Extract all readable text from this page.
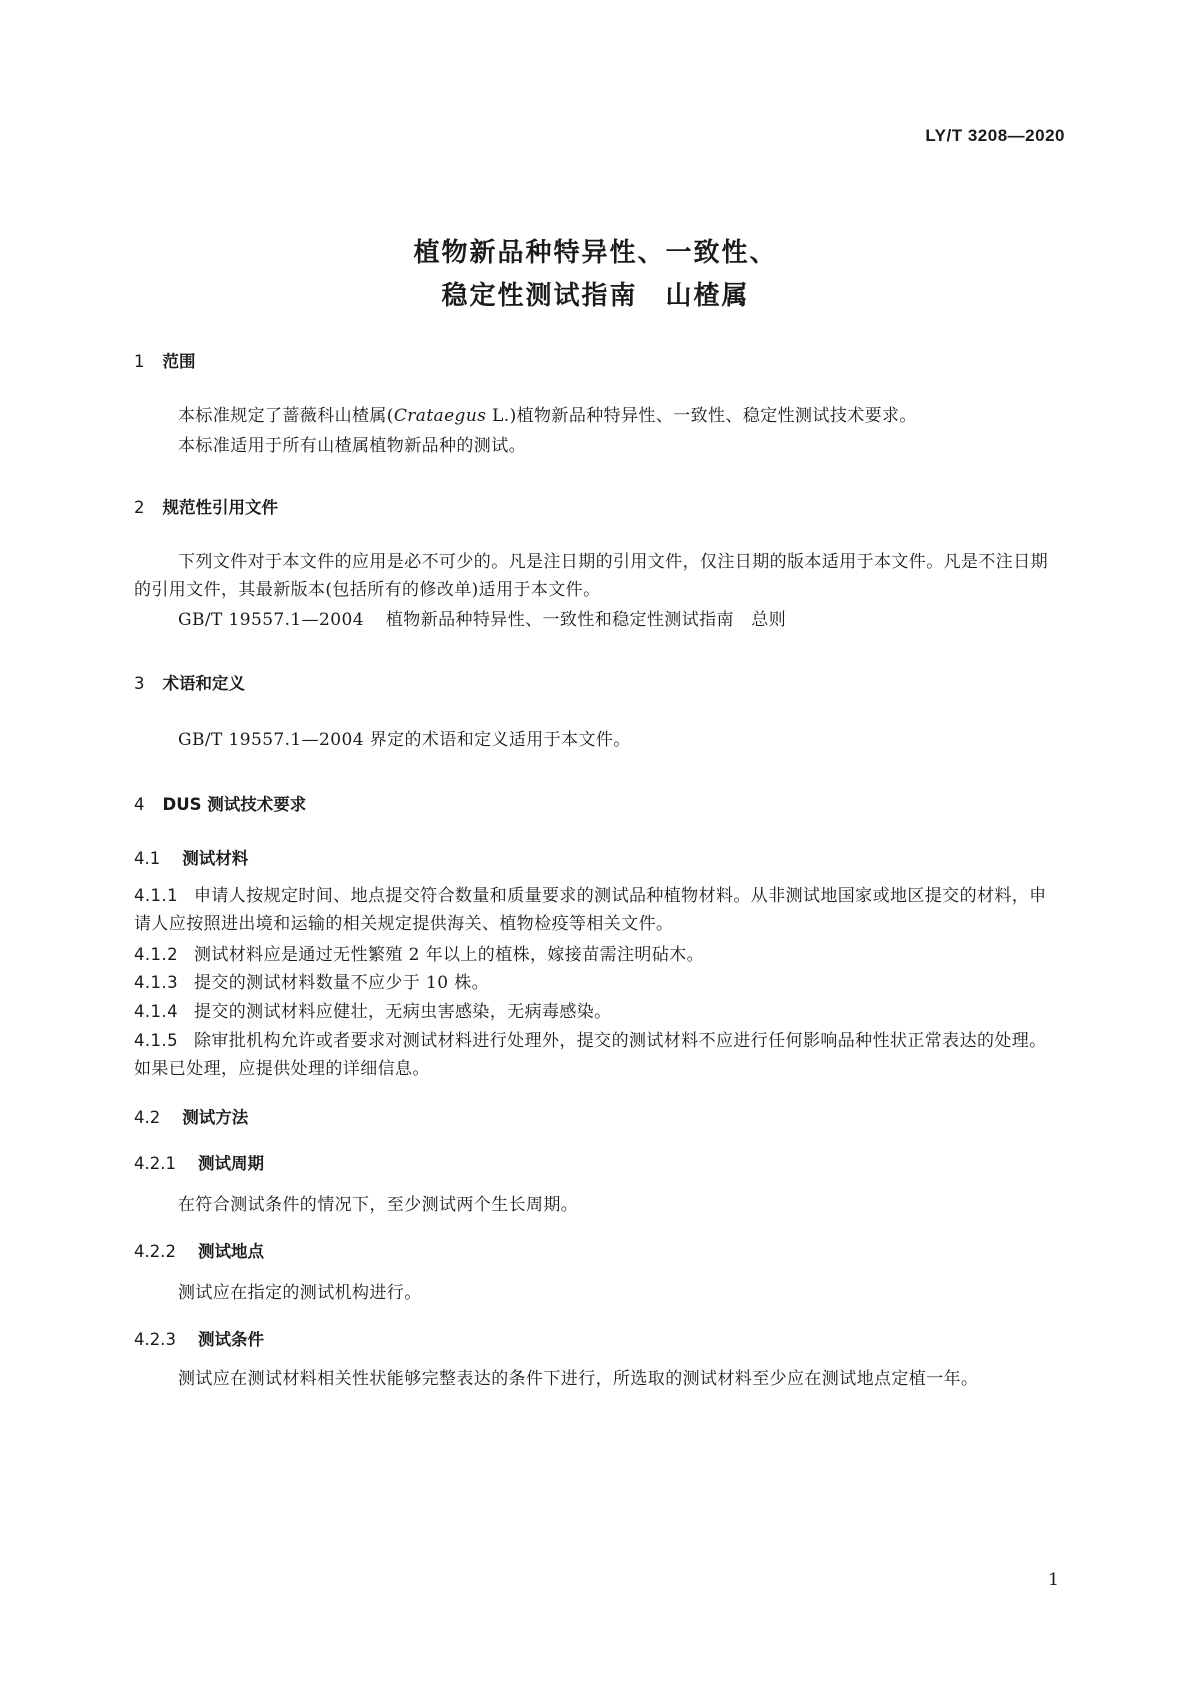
LY/T 3208—2020
植物新品种特异性、一致性、
稳定性测试指南　山楂属
1 范围
本标准规定了蔷薇科山楂属(Crataegus L.)植物新品种特异性、一致性、稳定性测试技术要求。
本标准适用于所有山楂属植物新品种的测试。
2 规范性引用文件
下列文件对于本文件的应用是必不可少的。凡是注日期的引用文件，仅注日期的版本适用于本文件。凡是不注日期的引用文件，其最新版本(包括所有的修改单)适用于本文件。
GB/T 19557.1—2004 植物新品种特异性、一致性和稳定性测试指南　总则
3 术语和定义
GB/T 19557.1—2004 界定的术语和定义适用于本文件。
4 DUS 测试技术要求
4.1 测试材料
4.1.1 申请人按规定时间、地点提交符合数量和质量要求的测试品种植物材料。从非测试地国家或地区提交的材料，申请人应按照进出境和运输的相关规定提供海关、植物检疫等相关文件。
4.1.2 测试材料应是通过无性繁殖 2 年以上的植株，嫁接苗需注明砧木。
4.1.3 提交的测试材料数量不应少于 10 株。
4.1.4 提交的测试材料应健壮，无病虫害感染，无病毒感染。
4.1.5 除审批机构允许或者要求对测试材料进行处理外，提交的测试材料不应进行任何影响品种性状正常表达的处理。如果已处理，应提供处理的详细信息。
4.2 测试方法
4.2.1 测试周期
在符合测试条件的情况下，至少测试两个生长周期。
4.2.2 测试地点
测试应在指定的测试机构进行。
4.2.3 测试条件
测试应在测试材料相关性状能够完整表达的条件下进行，所选取的测试材料至少应在测试地点定植一年。
1
